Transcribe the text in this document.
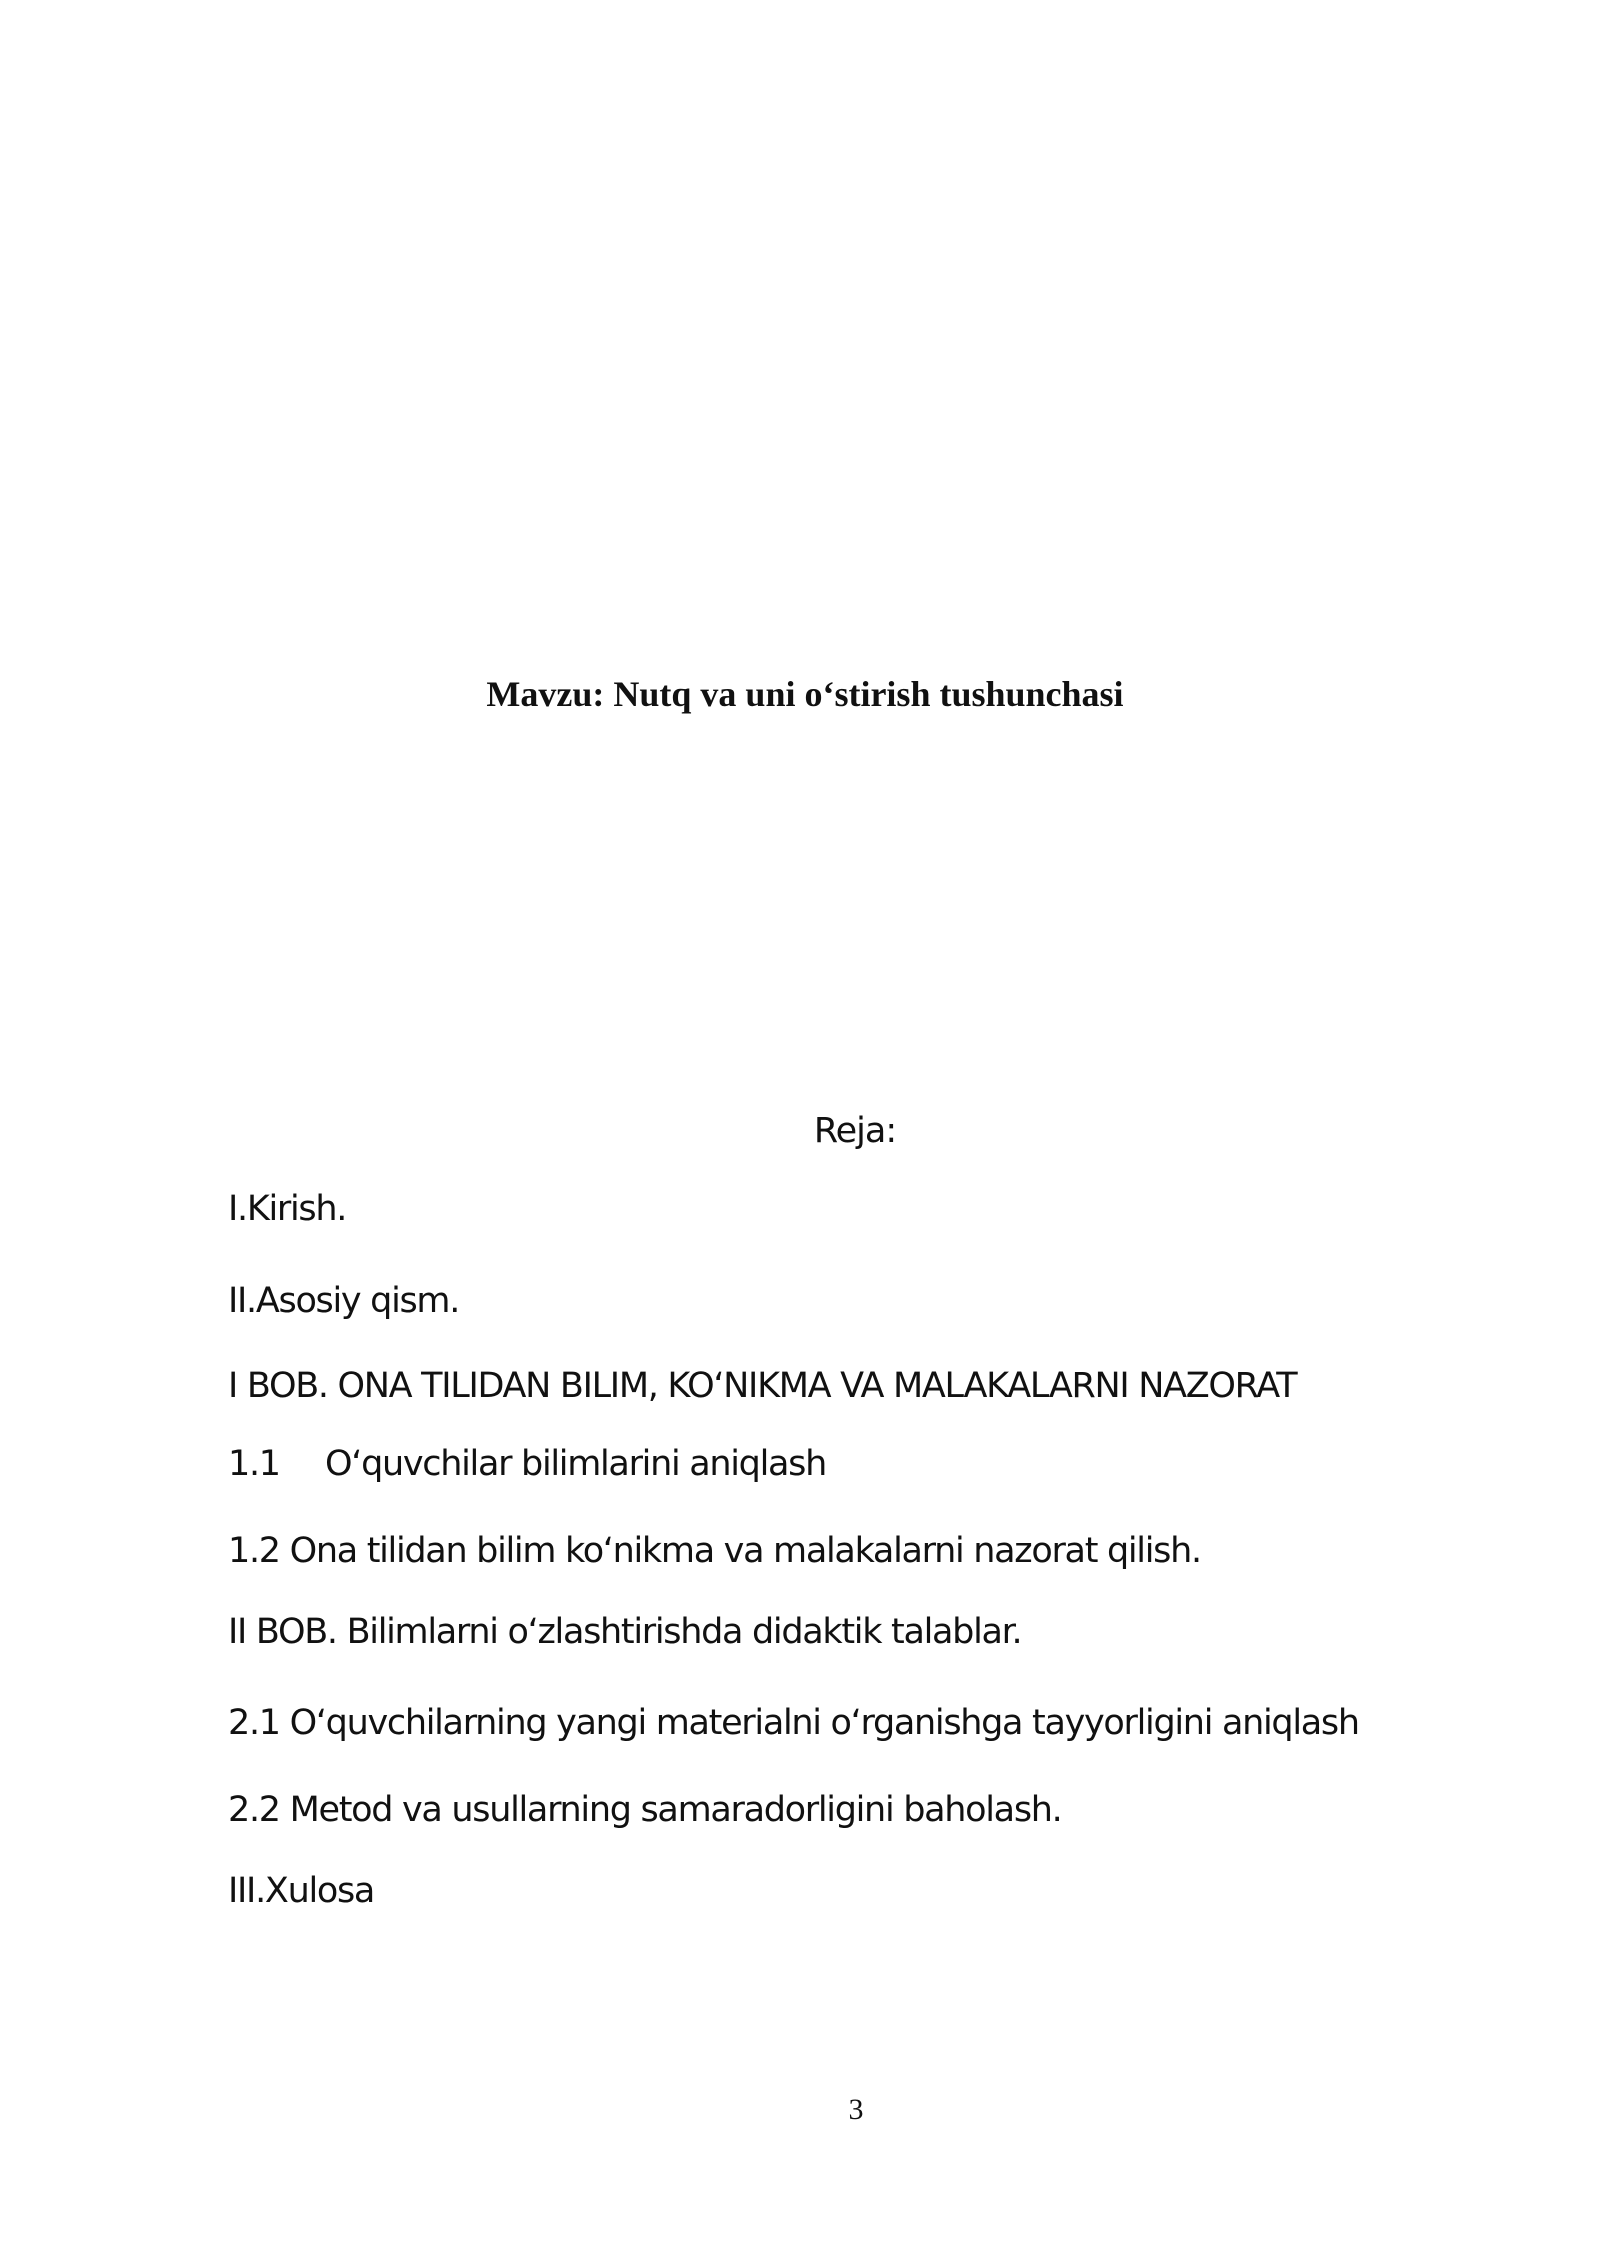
Mavzu: Nutq va uni o‘stirish tushunchasi
Reja:
I.Kirish.
II.Asosiy qism.
I BOB. ONA TILIDAN BILIM, KO‘NIKMA VA MALAKALARNI NAZORAT
1.1 O‘quvchilar bilimlarini aniqlash
1.2 Ona tilidan bilim ko‘nikma va malakalarni nazorat qilish.
II BOB. Bilimlarni o‘zlashtirishda didaktik talablar.
2.1 O‘quvchilarning yangi materialni o‘rganishga tayyorligini aniqlash
2.2 Metod va usullarning samaradorligini baholash.
III.Xulosa
3
